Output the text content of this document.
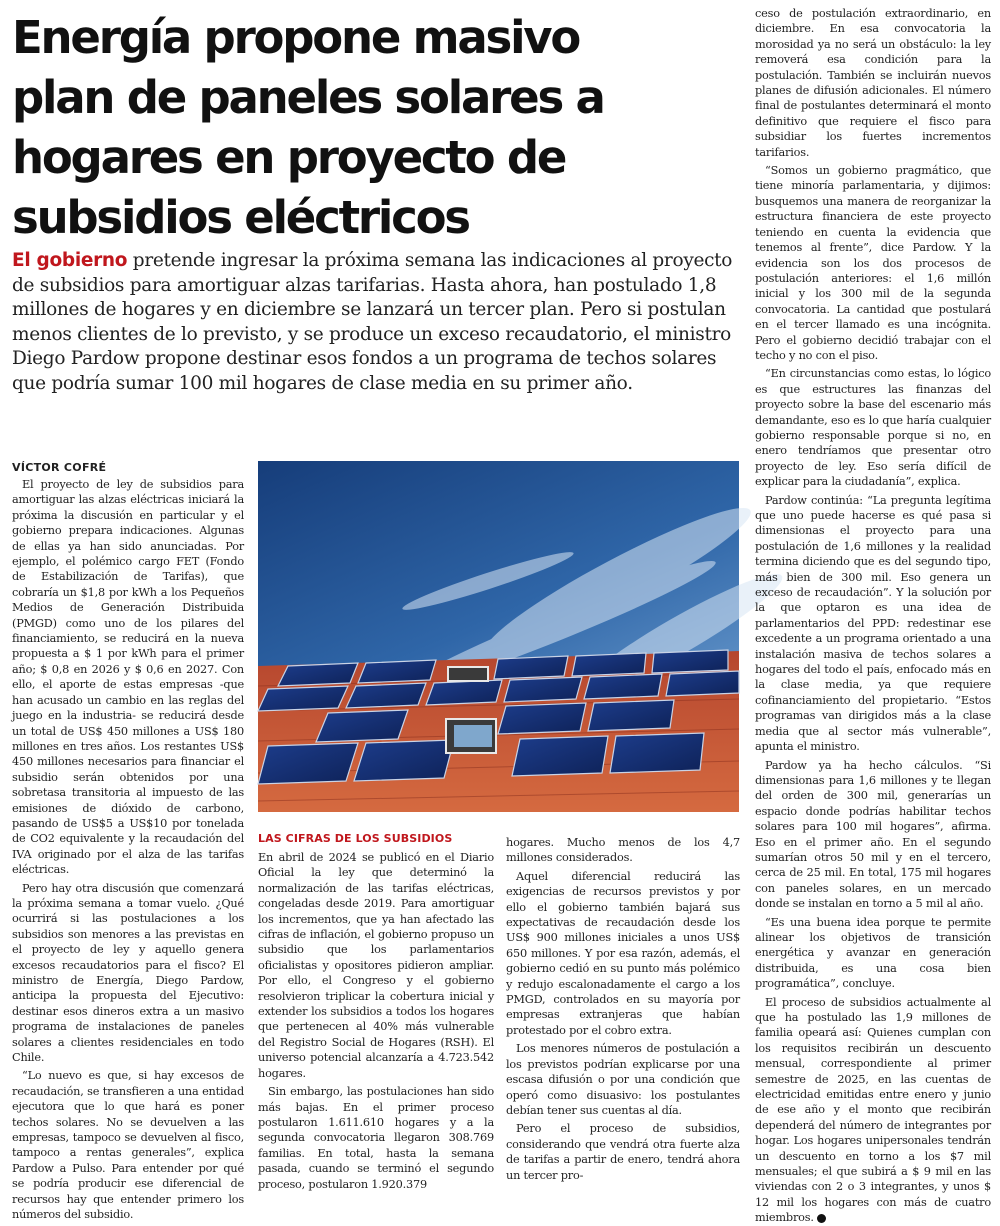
Energía propone masivo plan de paneles solares a hogares en proyecto de subsidios eléctricos

El gobierno pretende ingresar la próxima semana las indicaciones al proyecto de subsidios para amortiguar alzas tarifarias. Hasta ahora, han postulado 1,8 millones de hogares y en diciembre se lanzará un tercer plan. Pero si postulan menos clientes de lo previsto, y se produce un exceso recaudatorio, el ministro Diego Pardow propone destinar esos fondos a un programa de techos solares que podría sumar 100 mil hogares de clase media en su primer año.

VÍCTOR COFRÉ

LAS CIFRAS DE LOS SUBSIDIOS

El proyecto de ley de subsidios para amortiguar las alzas eléctricas iniciará la próxima la discusión en particular y el gobierno prepara indicaciones. Algunas de ellas ya han sido anunciadas. Por ejemplo, el polémico cargo FET (Fondo de Estabilización de Tarifas), que cobraría un $1,8 por kWh a los Pequeños Medios de Generación Distribuida (PMGD) como uno de los pilares del financiamiento, se reducirá en la nueva propuesta a $ 1 por kWh para el primer año; $ 0,8 en 2026 y $ 0,6 en 2027. Con ello, el aporte de estas empresas -que han acusado un cambio en las reglas del juego en la industria- se reducirá desde un total de US$ 450 millones a US$ 180 millones en tres años. Los restantes US$ 450 millones necesarios para financiar el subsidio serán obtenidos por una sobretasa transitoria al impuesto de las emisiones de dióxido de carbono, pasando de US$5 a US$10 por tonelada de CO2 equivalente y la recaudación del IVA originado por el alza de las tarifas eléctricas.

Pero hay otra discusión que comenzará la próxima semana a tomar vuelo. ¿Qué ocurrirá si las postulaciones a los subsidios son menores a las previstas en el proyecto de ley y aquello genera excesos recaudatorios para el fisco? El ministro de Energía, Diego Pardow, anticipa la propuesta del Ejecutivo: destinar esos dineros extra a un masivo programa de instalaciones de paneles solares a clientes residenciales en todo Chile.

“Lo nuevo es que, si hay excesos de recaudación, se transfieren a una entidad ejecutora que lo que hará es poner techos solares. No se devuelven a las empresas, tampoco se devuelven al fisco, tampoco a rentas generales”, explica Pardow a Pulso. Para entender por qué se podría producir ese diferencial de recursos hay que entender primero los números del subsidio.

En abril de 2024 se publicó en el Diario Oficial la ley que determinó la normalización de las tarifas eléctricas, congeladas desde 2019. Para amortiguar los incrementos, que ya han afectado las cifras de inflación, el gobierno propuso un subsidio que los parlamentarios oficialistas y opositores pidieron ampliar. Por ello, el Congreso y el gobierno resolvieron triplicar la cobertura inicial y extender los subsidios a todos los hogares que pertenecen al 40% más vulnerable del Registro Social de Hogares (RSH). El universo potencial alcanzaría a 4.723.542 hogares.

Sin embargo, las postulaciones han sido más bajas. En el primer proceso postularon 1.611.610 hogares y a la segunda convocatoria llegaron 308.769 familias. En total, hasta la semana pasada, cuando se terminó el segundo proceso, postularon 1.920.379

hogares. Mucho menos de los 4,7 millones considerados.

Aquel diferencial reducirá las exigencias de recursos previstos y por ello el gobierno también bajará sus expectativas de recaudación desde los US$ 900 millones iniciales a unos US$ 650 millones. Y por esa razón, además, el gobierno cedió en su punto más polémico y redujo escalonadamente el cargo a los PMGD, controlados en su mayoría por empresas extranjeras que habían protestado por el cobro extra.

Los menores números de postulación a los previstos podrían explicarse por una escasa difusión o por una condición que operó como disuasivo: los postulantes debían tener sus cuentas al día.

Pero el proceso de subsidios, considerando que vendrá otra fuerte alza de tarifas a partir de enero, tendrá ahora un tercer pro-

ceso de postulación extraordinario, en diciembre. En esa convocatoria la morosidad ya no será un obstáculo: la ley removerá esa condición para la postulación. También se incluirán nuevos planes de difusión adicionales. El número final de postulantes determinará el monto definitivo que requiere el fisco para subsidiar los fuertes incrementos tarifarios.

“Somos un gobierno pragmático, que tiene minoría parlamentaria, y dijimos: busquemos una manera de reorganizar la estructura financiera de este proyecto teniendo en cuenta la evidencia que tenemos al frente”, dice Pardow. Y la evidencia son los dos procesos de postulación anteriores: el 1,6 millón inicial y los 300 mil de la segunda convocatoria. La cantidad que postulará en el tercer llamado es una incógnita. Pero el gobierno decidió trabajar con el techo y no con el piso.

“En circunstancias como estas, lo lógico es que estructures las finanzas del proyecto sobre la base del escenario más demandante, eso es lo que haría cualquier gobierno responsable porque si no, en enero tendríamos que presentar otro proyecto de ley. Eso sería difícil de explicar para la ciudadanía”, explica.

Pardow continúa: “La pregunta legítima que uno puede hacerse es qué pasa si dimensionas el proyecto para una postulación de 1,6 millones y la realidad termina diciendo que es del segundo tipo, más bien de 300 mil. Eso genera un exceso de recaudación”. Y la solución por la que optaron es una idea de parlamentarios del PPD: redestinar ese excedente a un programa orientado a una instalación masiva de techos solares a hogares del todo el país, enfocado más en la clase media, ya que requiere cofinanciamiento del propietario. “Estos programas van dirigidos más a la clase media que al sector más vulnerable”, apunta el ministro.

Pardow ya ha hecho cálculos. “Si dimensionas para 1,6 millones y te llegan del orden de 300 mil, generarías un espacio donde podrías habilitar techos solares para 100 mil hogares”, afirma. Eso en el primer año. En el segundo sumarían otros 50 mil y en el tercero, cerca de 25 mil. En total, 175 mil hogares con paneles solares, en un mercado donde se instalan en torno a 5 mil al año.

“Es una buena idea porque te permite alinear los objetivos de transición energética y avanzar en generación distribuida, es una cosa bien programática”, concluye.

El proceso de subsidios actualmente al que ha postulado las 1,9 millones de familia opeará así: Quienes cumplan con los requisitos recibirán un descuento mensual, correspondiente al primer semestre de 2025, en las cuentas de electricidad emitidas entre enero y junio de ese año y el monto que recibirán dependerá del número de integrantes por hogar. Los hogares unipersonales tendrán un descuento en torno a los $7 mil mensuales; el que subirá a $ 9 mil en las viviendas con 2 o 3 integrantes, y unos $ 12 mil los hogares con más de cuatro miembros.
